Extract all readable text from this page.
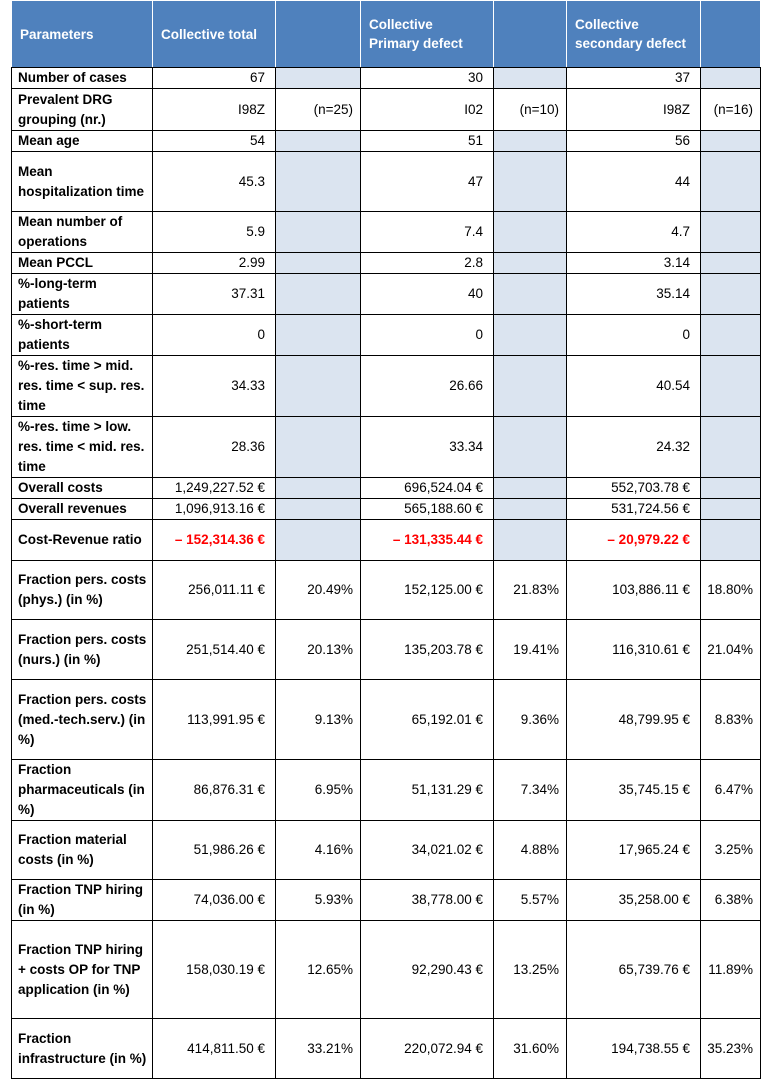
Parameters	Collective total		Collective Primary defect		Collective secondary defect	
Number of cases	67		30		37	
Prevalent DRG grouping (nr.)	I98Z	(n=25)	I02	(n=10)	I98Z	(n=16)
Mean age	54		51		56	
Mean hospitalization time	45.3		47		44	
Mean number of operations	5.9		7.4		4.7	
Mean PCCL	2.99		2.8		3.14	
%-long-term patients	37.31		40		35.14	
%-short-term patients	0		0		0	
%-res. time > mid. res. time < sup. res. time	34.33		26.66		40.54	
%-res. time > low. res. time < mid. res. time	28.36		33.34		24.32	
Overall costs	1,249,227.52 €		696,524.04 €		552,703.78 €	
Overall revenues	1,096,913.16 €		565,188.60 €		531,724.56 €	
Cost-Revenue ratio	– 152,314.36 €		– 131,335.44 €		– 20,979.22 €	
Fraction pers. costs (phys.) (in %)	256,011.11 €	20.49%	152,125.00 €	21.83%	103,886.11 €	18.80%
Fraction pers. costs (nurs.) (in %)	251,514.40 €	20.13%	135,203.78 €	19.41%	116,310.61 €	21.04%
Fraction pers. costs (med.-tech.serv.) (in %)	113,991.95 €	9.13%	65,192.01 €	9.36%	48,799.95 €	8.83%
Fraction pharmaceuticals (in %)	86,876.31 €	6.95%	51,131.29 €	7.34%	35,745.15 €	6.47%
Fraction material costs (in %)	51,986.26 €	4.16%	34,021.02 €	4.88%	17,965.24 €	3.25%
Fraction TNP hiring (in %)	74,036.00 €	5.93%	38,778.00 €	5.57%	35,258.00 €	6.38%
Fraction TNP hiring + costs OP for TNP application (in %)	158,030.19 €	12.65%	92,290.43 €	13.25%	65,739.76 €	11.89%
Fraction infrastructure (in %)	414,811.50 €	33.21%	220,072.94 €	31.60%	194,738.55 €	35.23%
